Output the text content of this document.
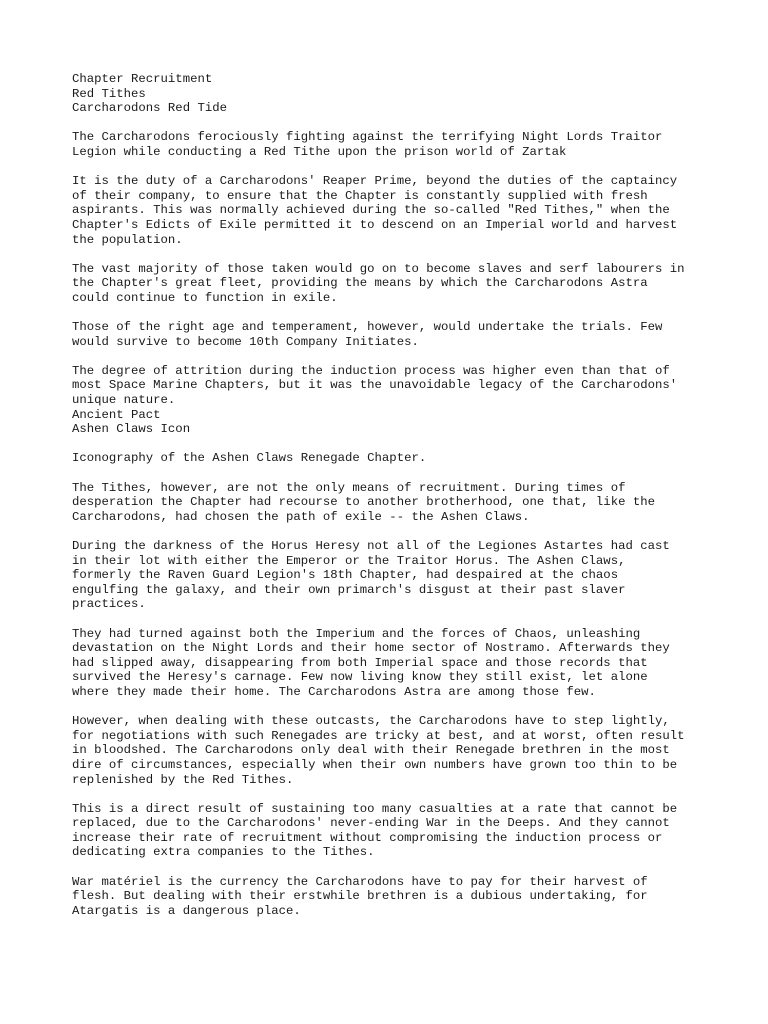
Chapter Recruitment
Red Tithes
Carcharodons Red Tide
The Carcharodons ferociously fighting against the terrifying Night Lords Traitor
Legion while conducting a Red Tithe upon the prison world of Zartak
It is the duty of a Carcharodons' Reaper Prime, beyond the duties of the captaincy
of their company, to ensure that the Chapter is constantly supplied with fresh
aspirants. This was normally achieved during the so-called "Red Tithes," when the
Chapter's Edicts of Exile permitted it to descend on an Imperial world and harvest
the population.
The vast majority of those taken would go on to become slaves and serf labourers in
the Chapter's great fleet, providing the means by which the Carcharodons Astra
could continue to function in exile.
Those of the right age and temperament, however, would undertake the trials. Few
would survive to become 10th Company Initiates.
The degree of attrition during the induction process was higher even than that of
most Space Marine Chapters, but it was the unavoidable legacy of the Carcharodons'
unique nature.
Ancient Pact
Ashen Claws Icon
Iconography of the Ashen Claws Renegade Chapter.
The Tithes, however, are not the only means of recruitment. During times of
desperation the Chapter had recourse to another brotherhood, one that, like the
Carcharodons, had chosen the path of exile -- the Ashen Claws.
During the darkness of the Horus Heresy not all of the Legiones Astartes had cast
in their lot with either the Emperor or the Traitor Horus. The Ashen Claws,
formerly the Raven Guard Legion's 18th Chapter, had despaired at the chaos
engulfing the galaxy, and their own primarch's disgust at their past slaver
practices.
They had turned against both the Imperium and the forces of Chaos, unleashing
devastation on the Night Lords and their home sector of Nostramo. Afterwards they
had slipped away, disappearing from both Imperial space and those records that
survived the Heresy's carnage. Few now living know they still exist, let alone
where they made their home. The Carcharodons Astra are among those few.
However, when dealing with these outcasts, the Carcharodons have to step lightly,
for negotiations with such Renegades are tricky at best, and at worst, often result
in bloodshed. The Carcharodons only deal with their Renegade brethren in the most
dire of circumstances, especially when their own numbers have grown too thin to be
replenished by the Red Tithes.
This is a direct result of sustaining too many casualties at a rate that cannot be
replaced, due to the Carcharodons' never-ending War in the Deeps. And they cannot
increase their rate of recruitment without compromising the induction process or
dedicating extra companies to the Tithes.
War matériel is the currency the Carcharodons have to pay for their harvest of
flesh. But dealing with their erstwhile brethren is a dubious undertaking, for
Atargatis is a dangerous place.
